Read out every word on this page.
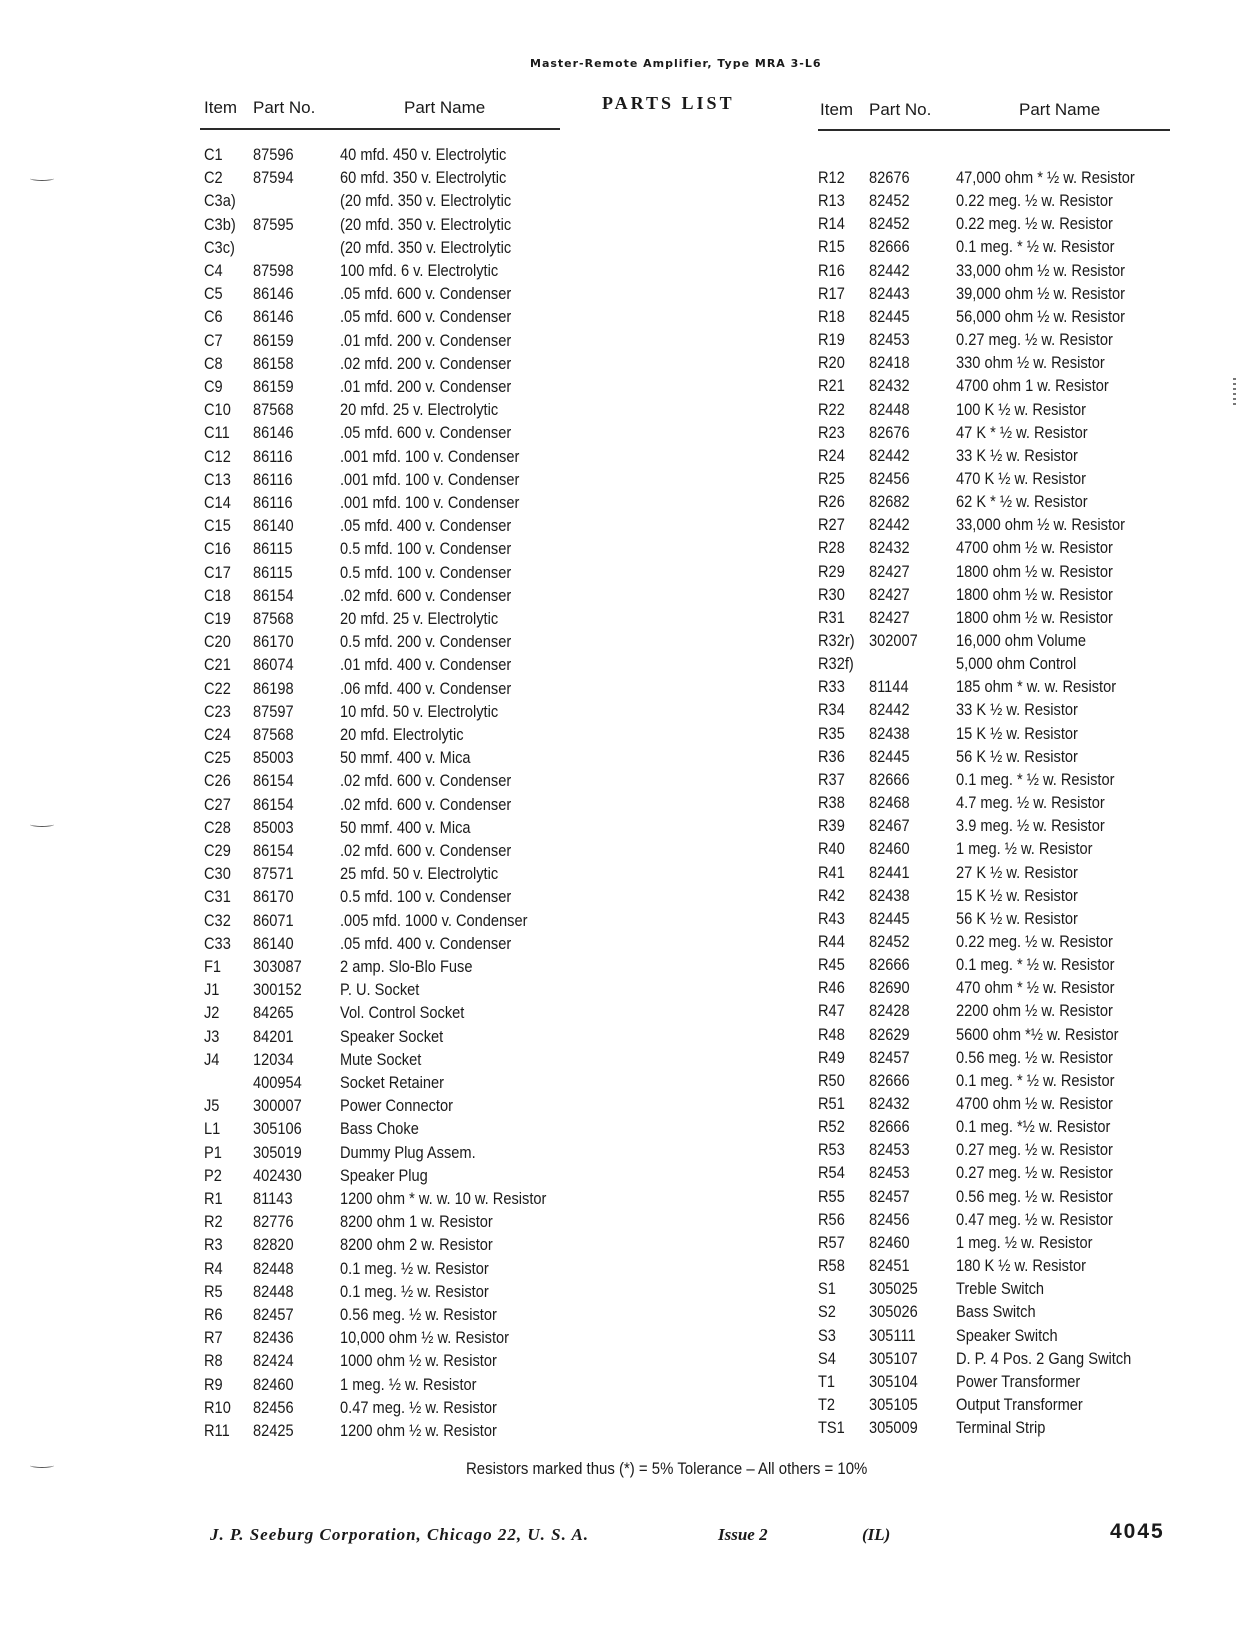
Master-Remote Amplifier, Type MRA 3-L6
PARTS LIST
Item Part No.	Part Name	Item Part No.	Part Name
C1 87596	40 mfd. 450 v. Electrolytic
C2 87594	60 mfd. 350 v. Electrolytic
C3a)	(20 mfd. 350 v. Electrolytic
C3b) 87595	(20 mfd. 350 v. Electrolytic
C3c)	(20 mfd. 350 v. Electrolytic
C4 87598	100 mfd. 6 v. Electrolytic
C5 86146	.05 mfd. 600 v. Condenser
C6 86146	.05 mfd. 600 v. Condenser
C7 86159	.01 mfd. 200 v. Condenser
C8 86158	.02 mfd. 200 v. Condenser
C9 86159	.01 mfd. 200 v. Condenser
C10 87568	20 mfd. 25 v. Electrolytic
C11 86146	.05 mfd. 600 v. Condenser
C12 86116	.001 mfd. 100 v. Condenser
C13 86116	.001 mfd. 100 v. Condenser
C14 86116	.001 mfd. 100 v. Condenser
C15 86140	.05 mfd. 400 v. Condenser
C16 86115	0.5 mfd. 100 v. Condenser
C17 86115	0.5 mfd. 100 v. Condenser
C18 86154	.02 mfd. 600 v. Condenser
C19 87568	20 mfd. 25 v. Electrolytic
C20 86170	0.5 mfd. 200 v. Condenser
C21 86074	.01 mfd. 400 v. Condenser
C22 86198	.06 mfd. 400 v. Condenser
C23 87597	10 mfd. 50 v. Electrolytic
C24 87568	20 mfd. Electrolytic
C25 85003	50 mmf. 400 v. Mica
C26 86154	.02 mfd. 600 v. Condenser
C27 86154	.02 mfd. 600 v. Condenser
C28 85003	50 mmf. 400 v. Mica
C29 86154	.02 mfd. 600 v. Condenser
C30 87571	25 mfd. 50 v. Electrolytic
C31 86170	0.5 mfd. 100 v. Condenser
C32 86071	.005 mfd. 1000 v. Condenser
C33 86140	.05 mfd. 400 v. Condenser
F1 303087 2 amp. Slo-Blo Fuse
J1 300152 P. U. Socket
J2 84265	Vol. Control Socket
J3 84201	Speaker Socket
J4 12034	Mute Socket
400954 Socket Retainer
J5 300007 Power Connector
L1 305106 Bass Choke
P1 305019 Dummy Plug Assem.
P2 402430 Speaker Plug
R1 81143	1200 ohm * w. w. 10 w. Resistor
R2 82776	8200 ohm 1 w. Resistor
R3 82820	8200 ohm 2 w. Resistor
R4 82448	0.1 meg. ½ w. Resistor
R5 82448	0.1 meg. ½ w. Resistor
R6 82457	0.56 meg. ½ w. Resistor
R7 82436	10,000 ohm ½ w. Resistor
R8 82424	1000 ohm ½ w. Resistor
R9 82460	1 meg. ½ w. Resistor
R10 82456	0.47 meg. ½ w. Resistor
R11 82425	1200 ohm ½ w. Resistor
R12 82676	47,000 ohm * ½ w. Resistor
R13 82452	0.22 meg. ½ w. Resistor
R14 82452	0.22 meg. ½ w. Resistor
R15 82666	0.1 meg. * ½ w. Resistor
R16 82442	33,000 ohm ½ w. Resistor
R17 82443	39,000 ohm ½ w. Resistor
R18 82445	56,000 ohm ½ w. Resistor
R19 82453	0.27 meg. ½ w. Resistor
R20 82418	330 ohm ½ w. Resistor
R21 82432	4700 ohm 1 w. Resistor
R22 82448	100 K ½ w. Resistor
R23 82676	47 K * ½ w. Resistor
R24 82442	33 K ½ w. Resistor
R25 82456	470 K ½ w. Resistor
R26 82682	62 K * ½ w. Resistor
R27 82442	33,000 ohm ½ w. Resistor
R28 82432	4700 ohm ½ w. Resistor
R29 82427	1800 ohm ½ w. Resistor
R30 82427	1800 ohm ½ w. Resistor
R31 82427	1800 ohm ½ w. Resistor
R32r) 302007 16,000 ohm Volume
R32f)	5,000 ohm Control
R33 81144	185 ohm * w. w. Resistor
R34 82442	33 K ½ w. Resistor
R35 82438	15 K ½ w. Resistor
R36 82445	56 K ½ w. Resistor
R37 82666	0.1 meg. * ½ w. Resistor
R38 82468	4.7 meg. ½ w. Resistor
R39 82467	3.9 meg. ½ w. Resistor
R40 82460	1 meg. ½ w. Resistor
R41 82441	27 K ½ w. Resistor
R42 82438	15 K ½ w. Resistor
R43 82445	56 K ½ w. Resistor
R44 82452	0.22 meg. ½ w. Resistor
R45 82666	0.1 meg. * ½ w. Resistor
R46 82690	470 ohm * ½ w. Resistor
R47 82428	2200 ohm ½ w. Resistor
R48 82629	5600 ohm *½ w. Resistor
R49 82457	0.56 meg. ½ w. Resistor
R50 82666	0.1 meg. * ½ w. Resistor
R51 82432	4700 ohm ½ w. Resistor
R52 82666	0.1 meg. *½ w. Resistor
R53 82453	0.27 meg. ½ w. Resistor
R54 82453	0.27 meg. ½ w. Resistor
R55 82457	0.56 meg. ½ w. Resistor
R56 82456	0.47 meg. ½ w. Resistor
R57 82460	1 meg. ½ w. Resistor
R58 82451	180 K ½ w. Resistor
S1 305025 Treble Switch
S2 305026 Bass Switch
S3 305111 Speaker Switch
S4 305107 D. P. 4 Pos. 2 Gang Switch
T1 305104 Power Transformer
T2 305105 Output Transformer
TS1 305009 Terminal Strip
Resistors marked thus (*) = 5% Tolerance – All others = 10%
J. P. Seeburg Corporation, Chicago 22, U. S. A.	Issue 2	(IL)	4045
